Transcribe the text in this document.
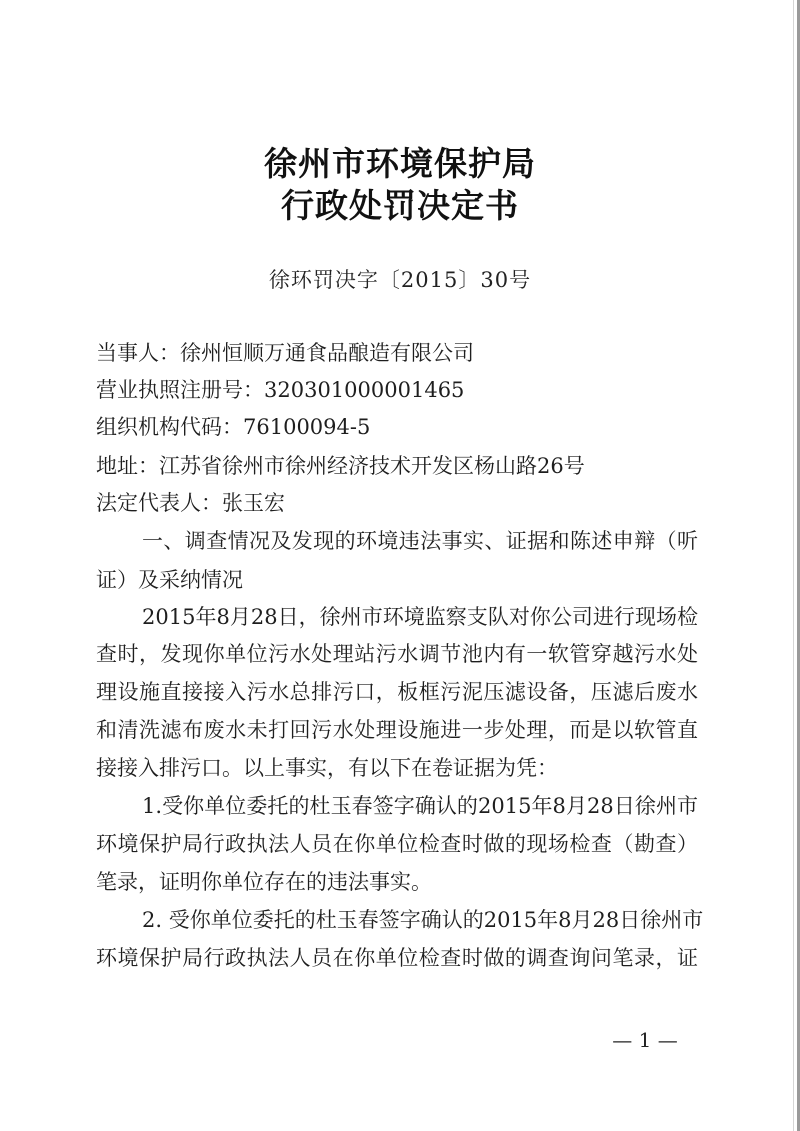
徐州市环境保护局
行政处罚决定书
徐环罚决字〔2015〕30号
当事人：徐州恒顺万通食品酿造有限公司
营业执照注册号：320301000001465
组织机构代码：76100094-5
地址：江苏省徐州市徐州经济技术开发区杨山路26号
法定代表人：张玉宏
一、调查情况及发现的环境违法事实、证据和陈述申辩（听
证）及采纳情况
2015年8月28日，徐州市环境监察支队对你公司进行现场检
查时，发现你单位污水处理站污水调节池内有一软管穿越污水处
理设施直接接入污水总排污口，板框污泥压滤设备，压滤后废水
和清洗滤布废水未打回污水处理设施进一步处理，而是以软管直
接接入排污口。以上事实，有以下在卷证据为凭：
1.受你单位委托的杜玉春签字确认的2015年8月28日徐州市
环境保护局行政执法人员在你单位检查时做的现场检查（勘查）
笔录，证明你单位存在的违法事实。
2. 受你单位委托的杜玉春签字确认的2015年8月28日徐州市
环境保护局行政执法人员在你单位检查时做的调查询问笔录，证
— 1 —
